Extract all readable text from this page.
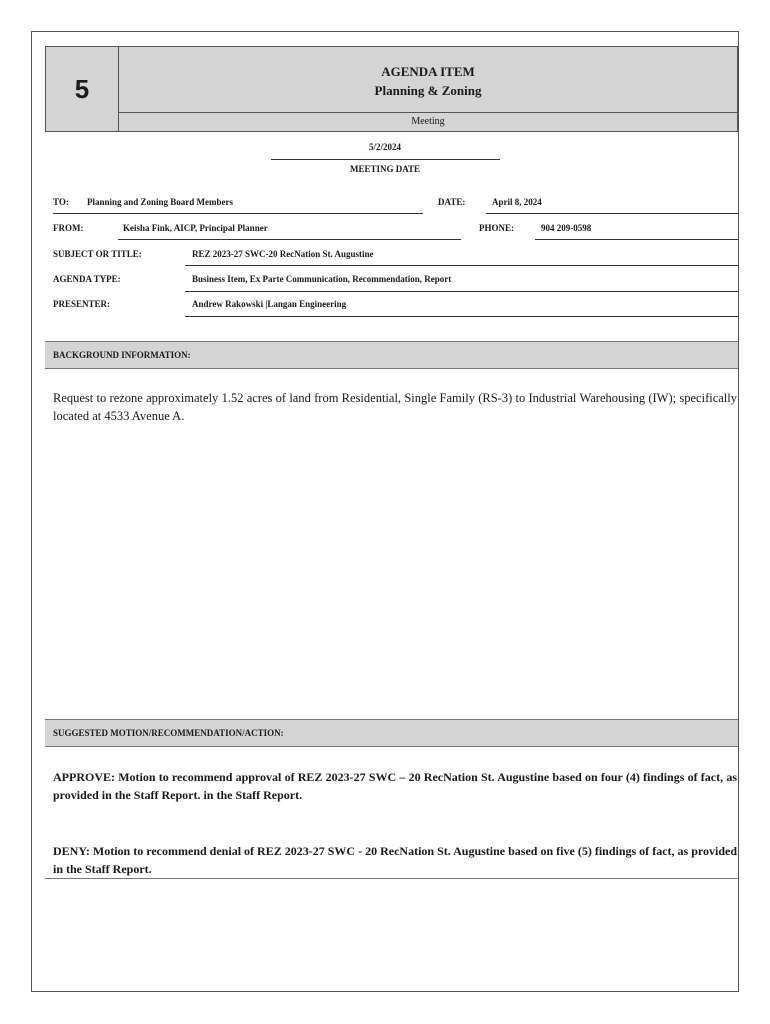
5
AGENDA ITEM
Planning & Zoning
Meeting
5/2/2024
MEETING DATE
TO: Planning and Zoning Board Members	DATE:	April 8, 2024
FROM:	Keisha Fink, AICP, Principal Planner	PHONE:	904 209-0598
SUBJECT OR TITLE:	REZ 2023-27 SWC-20 RecNation St. Augustine
AGENDA TYPE:	Business Item, Ex Parte Communication, Recommendation, Report
PRESENTER:	Andrew Rakowski |Langan Engineering
BACKGROUND INFORMATION:
Request to rezone approximately 1.52 acres of land from Residential, Single Family (RS-3) to Industrial Warehousing (IW); specifically located at 4533 Avenue A.
SUGGESTED MOTION/RECOMMENDATION/ACTION:
APPROVE: Motion to recommend approval of REZ 2023-27 SWC – 20 RecNation St. Augustine based on four (4) findings of fact, as provided in the Staff Report. in the Staff Report.
DENY: Motion to recommend denial of REZ 2023-27 SWC - 20 RecNation St. Augustine based on five (5) findings of fact, as provided in the Staff Report.
